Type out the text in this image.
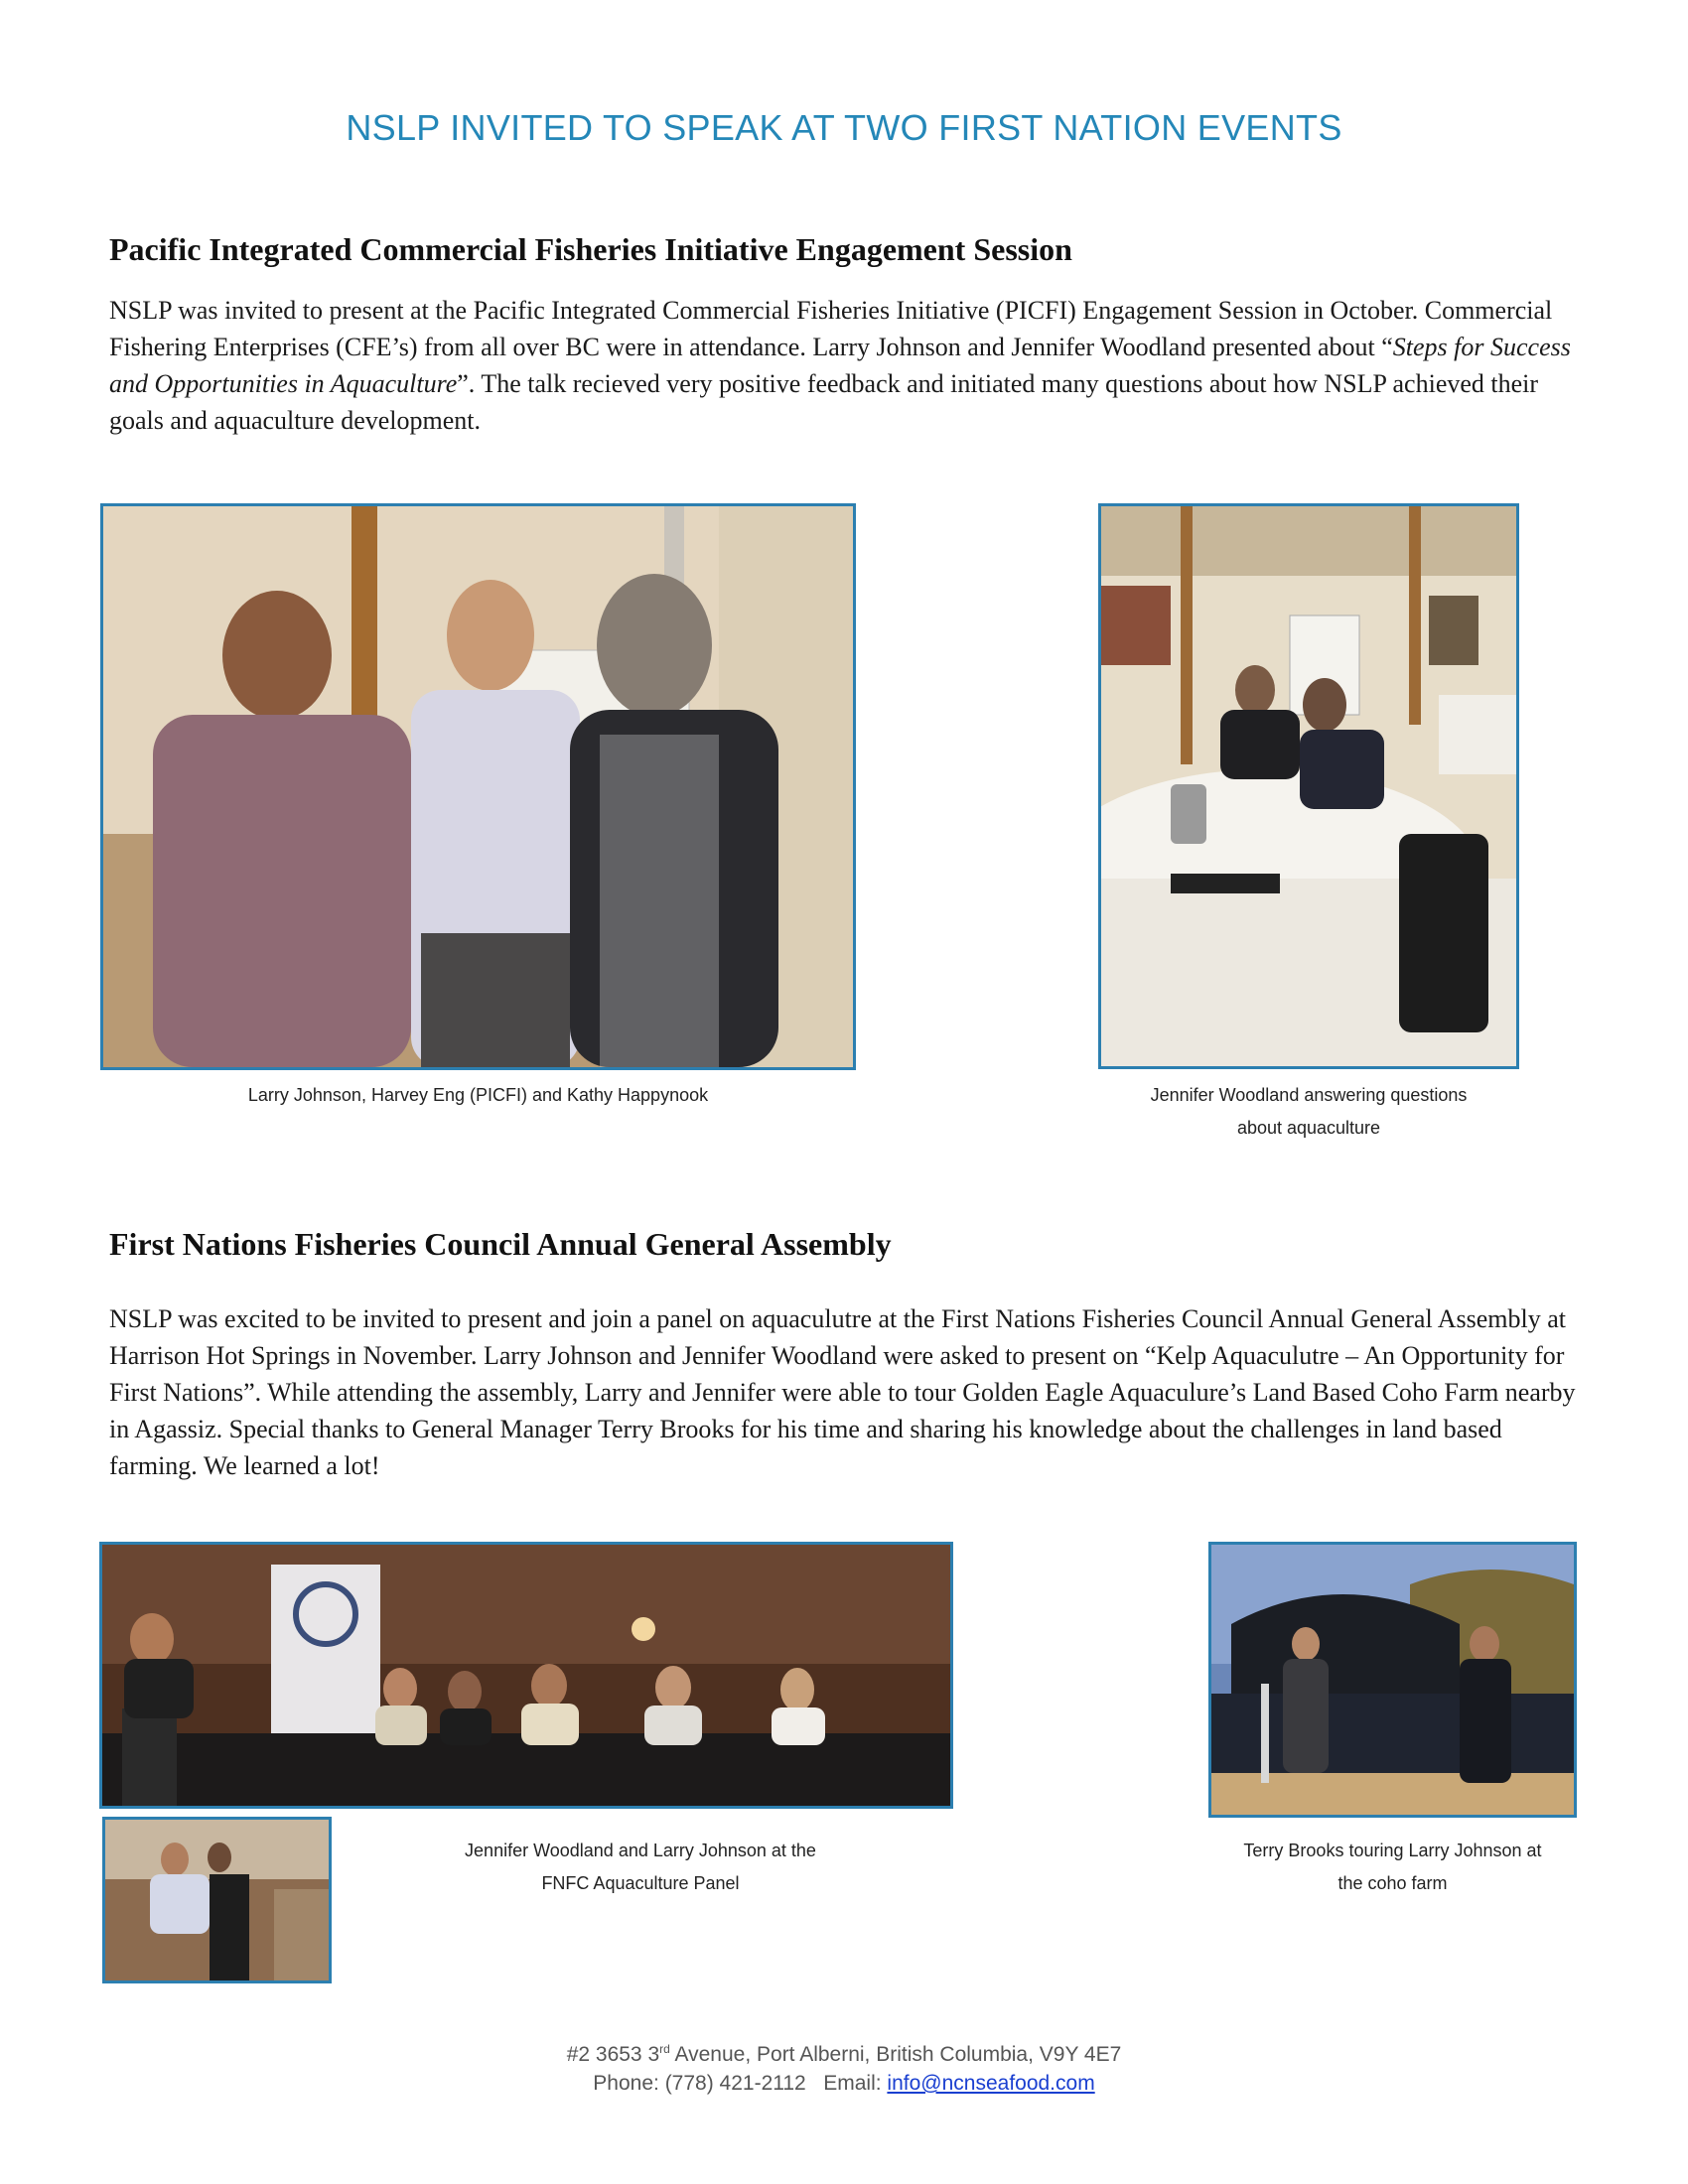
NSLP INVITED TO SPEAK AT TWO FIRST NATION EVENTS
Pacific Integrated Commercial Fisheries Initiative Engagement Session
NSLP was invited to present at the Pacific Integrated Commercial Fisheries Initiative (PICFI) Engagement Session in October. Commercial Fishering Enterprises (CFE’s) from all over BC were in attendance. Larry Johnson and Jennifer Woodland presented about “Steps for Success and Opportunities in Aquaculture”. The talk recieved very positive feedback and initiated many questions about how NSLP achieved their goals and aquaculture development.
Larry Johnson, Harvey Eng (PICFI) and Kathy Happynook	Jennifer Woodland answering questions
about aquaculture
First Nations Fisheries Council Annual General Assembly
NSLP was excited to be invited to present and join a panel on aquaculutre at the First Nations Fisheries Council Annual General Assembly at Harrison Hot Springs in November. Larry Johnson and Jennifer Woodland were asked to present on “Kelp Aquaculutre – An Opportunity for First Nations”. While attending the assembly, Larry and Jennifer were able to tour Golden Eagle Aquaculure’s Land Based Coho Farm nearby in Agassiz. Special thanks to General Manager Terry Brooks for his time and sharing his knowledge about the challenges in land based farming. We learned a lot!
Jennifer Woodland and Larry Johnson at the
FNFC Aquaculture Panel
Terry Brooks touring Larry Johnson at
the coho farm
#2 3653 3rd Avenue, Port Alberni, British Columbia, V9Y 4E7
Phone: (778) 421-2112   Email: info@ncnseafood.com
